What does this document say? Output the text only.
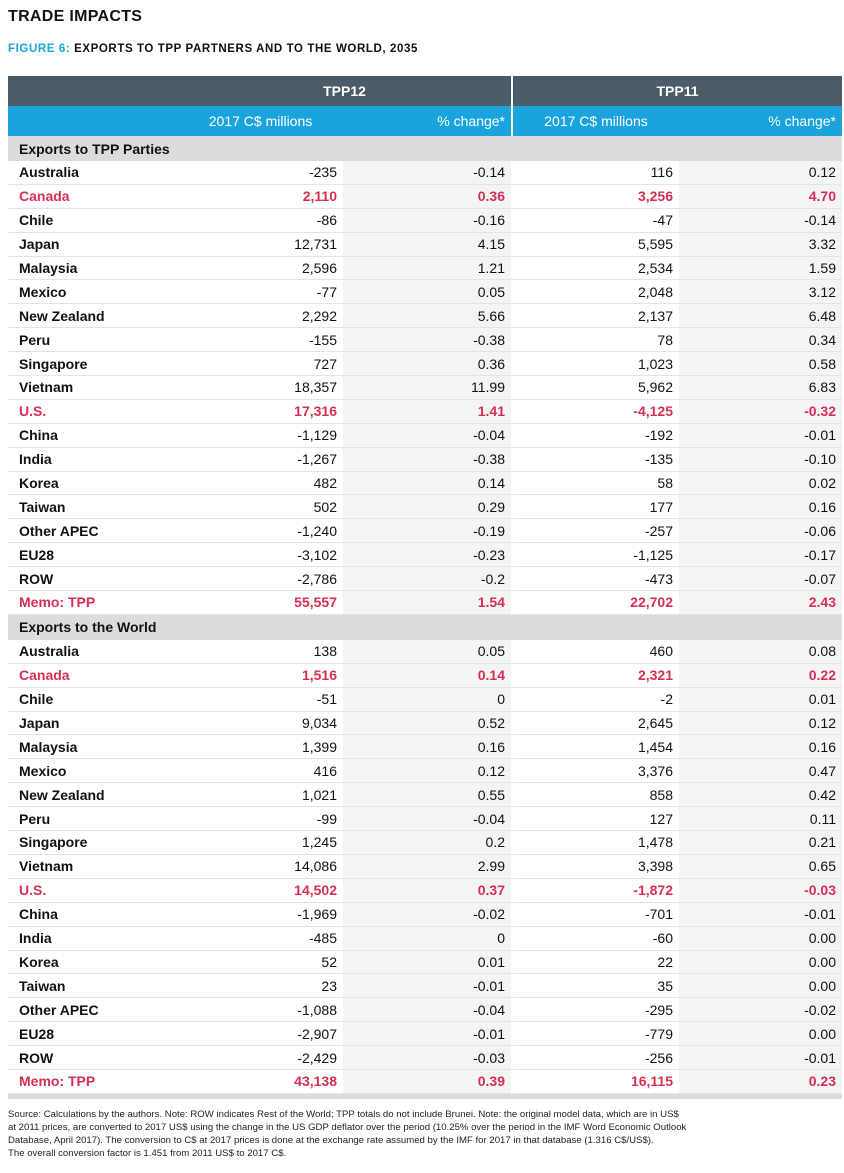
TRADE IMPACTS
FIGURE 6: EXPORTS TO TPP PARTNERS AND TO THE WORLD, 2035
	TPP12		TPP11	
	2017 C$ millions	% change*	2017 C$ millions	% change*
Exports to TPP Parties				
Australia	-235	-0.14	116	0.12
Canada	2,110	0.36	3,256	4.70
Chile	-86	-0.16	-47	-0.14
Japan	12,731	4.15	5,595	3.32
Malaysia	2,596	1.21	2,534	1.59
Mexico	-77	0.05	2,048	3.12
New Zealand	2,292	5.66	2,137	6.48
Peru	-155	-0.38	78	0.34
Singapore	727	0.36	1,023	0.58
Vietnam	18,357	11.99	5,962	6.83
U.S.	17,316	1.41	-4,125	-0.32
China	-1,129	-0.04	-192	-0.01
India	-1,267	-0.38	-135	-0.10
Korea	482	0.14	58	0.02
Taiwan	502	0.29	177	0.16
Other APEC	-1,240	-0.19	-257	-0.06
EU28	-3,102	-0.23	-1,125	-0.17
ROW	-2,786	-0.2	-473	-0.07
Memo: TPP	55,557	1.54	22,702	2.43
Exports to the World				
Australia	138	0.05	460	0.08
Canada	1,516	0.14	2,321	0.22
Chile	-51	0	-2	0.01
Japan	9,034	0.52	2,645	0.12
Malaysia	1,399	0.16	1,454	0.16
Mexico	416	0.12	3,376	0.47
New Zealand	1,021	0.55	858	0.42
Peru	-99	-0.04	127	0.11
Singapore	1,245	0.2	1,478	0.21
Vietnam	14,086	2.99	3,398	0.65
U.S.	14,502	0.37	-1,872	-0.03
China	-1,969	-0.02	-701	-0.01
India	-485	0	-60	0.00
Korea	52	0.01	22	0.00
Taiwan	23	-0.01	35	0.00
Other APEC	-1,088	-0.04	-295	-0.02
EU28	-2,907	-0.01	-779	0.00
ROW	-2,429	-0.03	-256	-0.01
Memo: TPP	43,138	0.39	16,115	0.23

Source: Calculations by the authors. Note: ROW indicates Rest of the World; TPP totals do not include Brunei. Note: the original model data, which are in US$
at 2011 prices, are converted to 2017 US$ using the change in the US GDP deflator over the period (10.25% over the period in the IMF Word Economic Outlook
Database, April 2017). The conversion to C$ at 2017 prices is done at the exchange rate assumed by the IMF for 2017 in that database (1.316 C$/US$).
The overall conversion factor is 1.451 from 2011 US$ to 2017 C$.
